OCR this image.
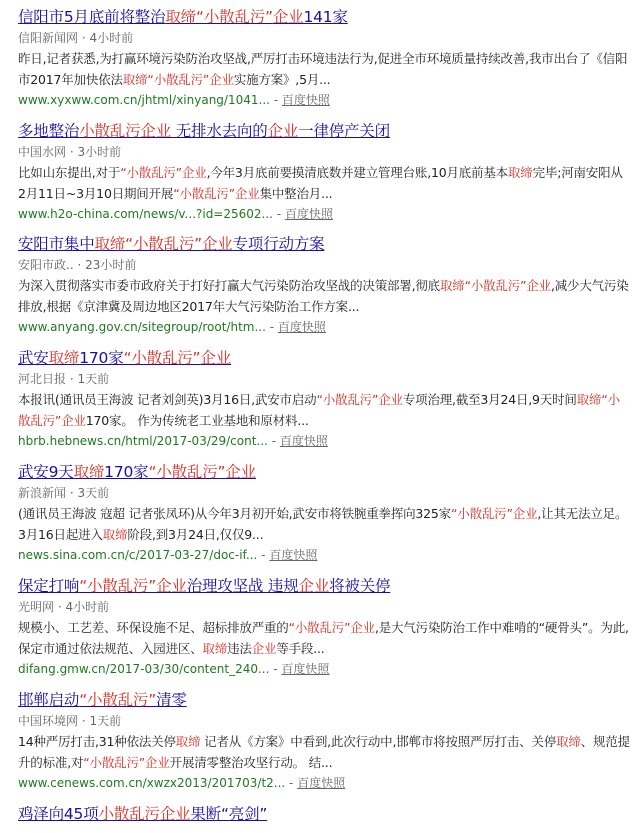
信阳市5月底前将整治取缔“小散乱污”企业141家
信阳新闻网 · 4小时前
昨日,记者获悉,为打赢环境污染防治攻坚战,严厉打击环境违法行为,促进全市环境质量持续改善,我市出台了《信阳市2017年加快依法取缔“小散乱污”企业实施方案》,5月...
www.xyxww.com.cn/jhtml/xinyang/1041... - 百度快照
多地整治小散乱污企业 无排水去向的企业一律停产关闭
中国水网 · 3小时前
比如山东提出,对于“小散乱污”企业,今年3月底前要摸清底数并建立管理台账,10月底前基本取缔完毕;河南安阳从2月11日~3月10日期间开展“小散乱污”企业集中整治月...
www.h2o-china.com/news/v...?id=25602... - 百度快照
安阳市集中取缔“小散乱污”企业专项行动方案
安阳市政.. · 23小时前
为深入贯彻落实市委市政府关于打好打赢大气污染防治攻坚战的决策部署,彻底取缔“小散乱污”企业,减少大气污染排放,根据《京津冀及周边地区2017年大气污染防治工作方案...
www.anyang.gov.cn/sitegroup/root/htm... - 百度快照
武安取缔170家“小散乱污”企业
河北日报 · 1天前
本报讯(通讯员王海波 记者刘剑英)3月16日,武安市启动“小散乱污”企业专项治理,截至3月24日,9天时间取缔“小散乱污”企业170家。 作为传统老工业基地和原材料...
hbrb.hebnews.cn/html/2017-03/29/cont... - 百度快照
武安9天取缔170家“小散乱污”企业
新浪新闻 · 3天前
(通讯员王海波 寇超 记者张凤环)从今年3月初开始,武安市将铁腕重拳挥向325家“小散乱污”企业,让其无法立足。3月16日起进入取缔阶段,到3月24日,仅仅9...
news.sina.com.cn/c/2017-03-27/doc-if... - 百度快照
保定打响“小散乱污”企业治理攻坚战 违规企业将被关停
光明网 · 4小时前
规模小、工艺差、环保设施不足、超标排放严重的“小散乱污”企业,是大气污染防治工作中难啃的“硬骨头”。为此,保定市通过依法规范、入园进区、取缔违法企业等手段...
difang.gmw.cn/2017-03/30/content_240... - 百度快照
邯郸启动“小散乱污”清零
中国环境网 · 1天前
14种严厉打击,31种依法关停取缔 记者从《方案》中看到,此次行动中,邯郸市将按照严厉打击、关停取缔、规范提升的标准,对“小散乱污”企业开展清零整治攻坚行动。 结...
www.cenews.com.cn/xwzx2013/201703/t2... - 百度快照
鸡泽向45项小散乱污企业果断“亮剑”
